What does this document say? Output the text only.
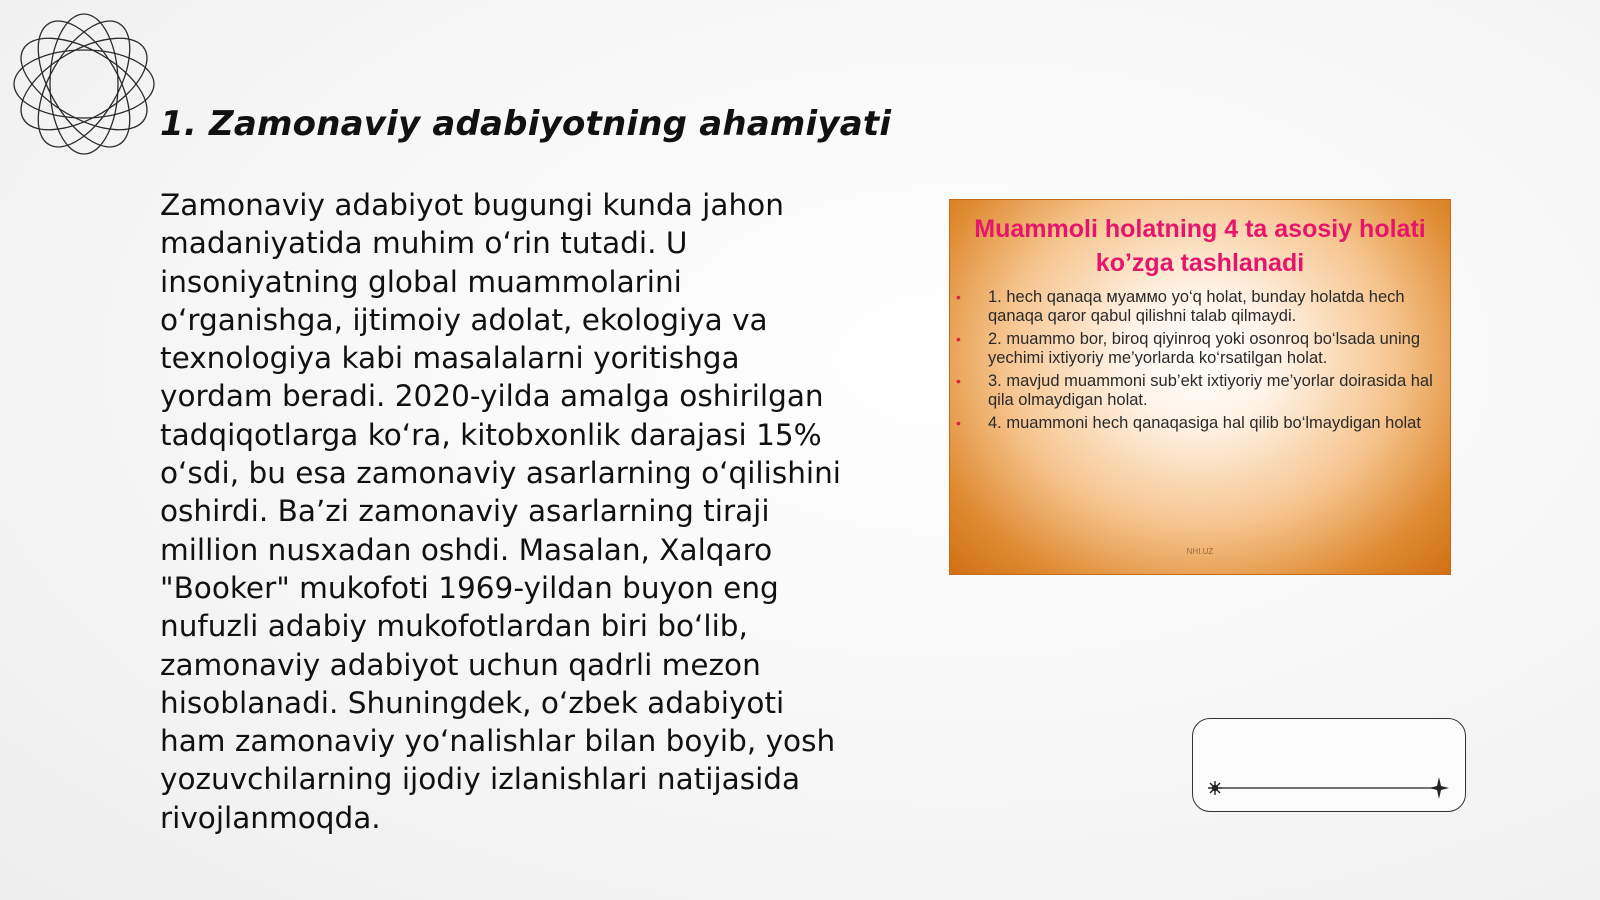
1. Zamonaviy adabiyotning ahamiyati

Zamonaviy adabiyot bugungi kunda jahon madaniyatida muhim o‘rin tutadi. U insoniyatning global muammolarini o‘rganishga, ijtimoiy adolat, ekologiya va texnologiya kabi masalalarni yoritishga yordam beradi. 2020-yilda amalga oshirilgan tadqiqotlarga ko‘ra, kitobxonlik darajasi 15% o‘sdi, bu esa zamonaviy asarlarning o‘qilishini oshirdi. Ba’zi zamonaviy asarlarning tiraji million nusxadan oshdi. Masalan, Xalqaro "Booker" mukofoti 1969-yildan buyon eng nufuzli adabiy mukofotlardan biri bo‘lib, zamonaviy adabiyot uchun qadrli mezon hisoblanadi. Shuningdek, o‘zbek adabiyoti ham zamonaviy yo‘nalishlar bilan boyib, yosh yozuvchilarning ijodiy izlanishlari natijasida rivojlanmoqda.

Muammoli holatning 4 ta asosiy holati ko’zga tashlanadi
• 1. hech qanaqa муаммо yo‘q holat, bunday holatda hech qanaqa qaror qabul qilishni talab qilmaydi.
• 2. muammo bor, biroq qiyinroq yoki osonroq bo‘lsada uning yechimi ixtiyoriy me’yorlarda ko‘rsatilgan holat.
• 3. mavjud muammoni sub’ekt ixtiyoriy me’yorlar doirasida hal qila olmaydigan holat.
• 4. muammoni hech qanaqasiga hal qilib bo‘lmaydigan holat
NHI.UZ
